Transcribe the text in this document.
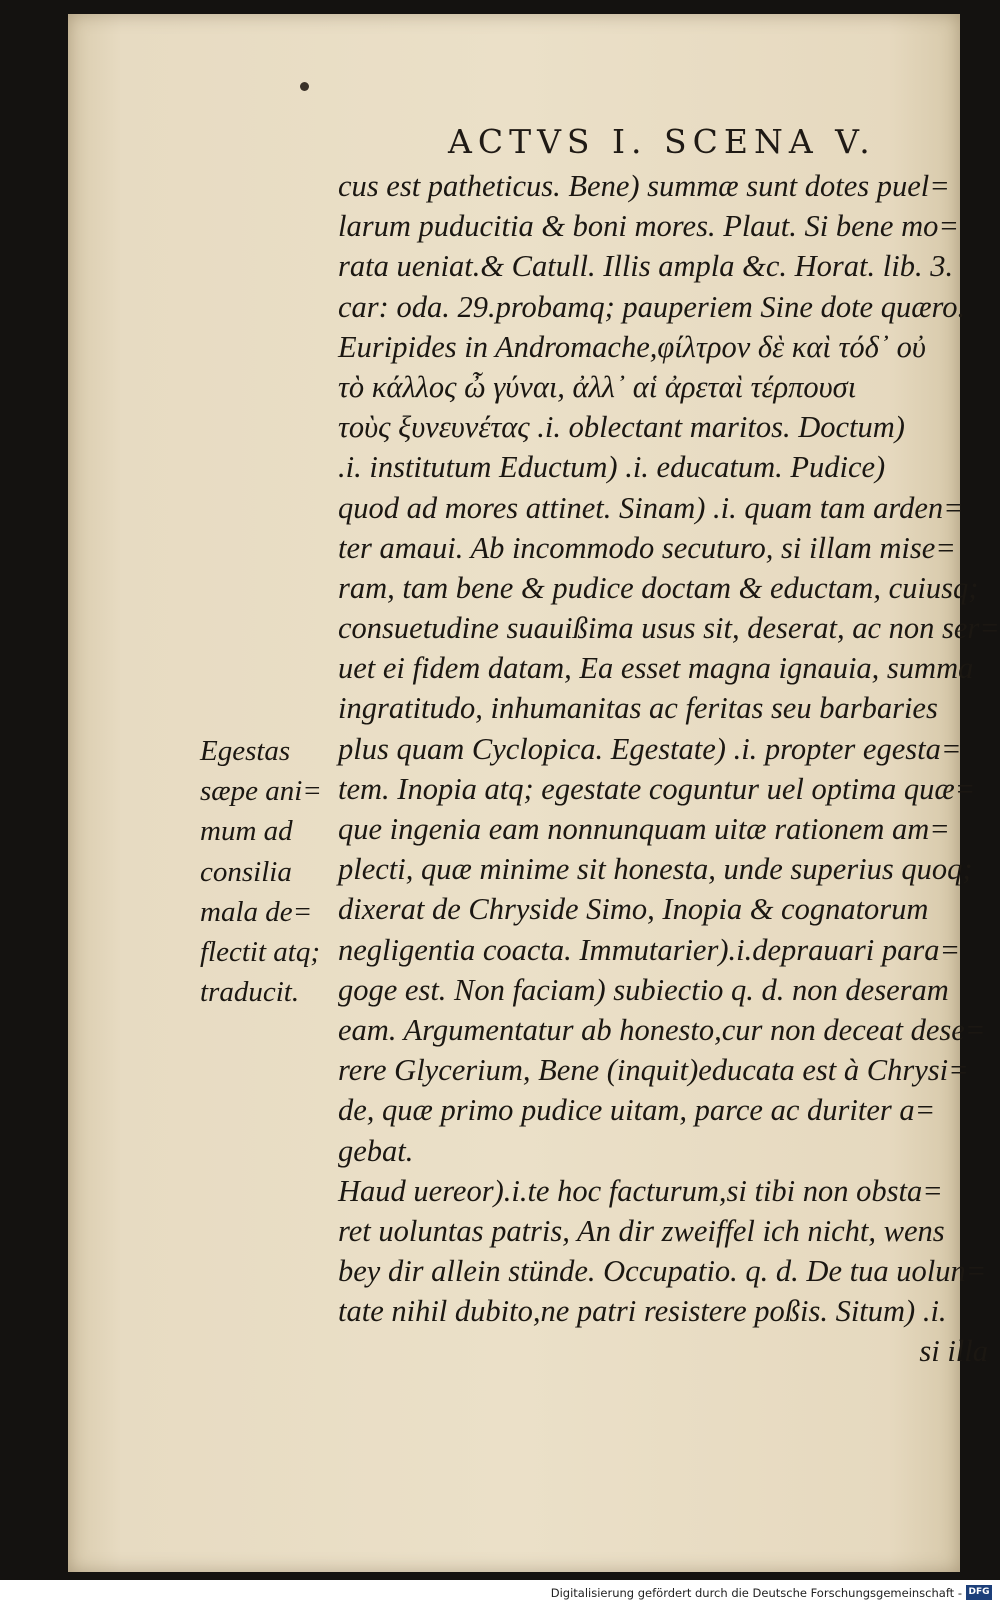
ACTVS I. SCENA V.
Egestas
sæpe ani=
mum ad
consilia
mala de=
flectit atq;
traducit.
cus est patheticus. Bene) summæ sunt dotes puel=
larum puducitia & boni mores. Plaut. Si bene mo=
rata ueniat.& Catull. Illis ampla &c. Horat. lib. 3.
car: oda. 29.probamq; pauperiem Sine dote quæro.
Euripides in Andromache,φίλτρον δὲ καὶ τόδ᾽ οὐ
τὸ κάλλος ὦ γύναι, ἀλλ᾽ αἱ ἀρεταὶ τέρπουσι
τοὺς ξυνευνέτας .i. oblectant maritos. Doctum)
.i. institutum Eductum) .i. educatum. Pudice)
quod ad mores attinet. Sinam) .i. quam tam arden=
ter amaui. Ab incommodo secuturo, si illam mise=
ram, tam bene & pudice doctam & eductam, cuiusq;
consuetudine suauißima usus sit, deserat, ac non ser=
uet ei fidem datam, Ea esset magna ignauia, summa
ingratitudo, inhumanitas ac feritas seu barbaries
plus quam Cyclopica. Egestate) .i. propter egesta=
tem. Inopia atq; egestate coguntur uel optima quæ=
que ingenia eam nonnunquam uitæ rationem am=
plecti, quæ minime sit honesta, unde superius quoq;
dixerat de Chryside Simo, Inopia & cognatorum
negligentia coacta. Immutarier).i.deprauari para=
goge est. Non faciam) subiectio q. d. non deseram
eam. Argumentatur ab honesto,cur non deceat dese=
rere Glycerium, Bene (inquit)educata est à Chrysi=
de, quæ primo pudice uitam, parce ac duriter a=
gebat.
Haud uereor).i.te hoc facturum,si tibi non obsta=
ret uoluntas patris, An dir zweiffel ich nicht, wens
bey dir allein stünde. Occupatio. q. d. De tua uolun=
tate nihil dubito,ne patri resistere poßis. Situm) .i.
si illa
Digitalisierung gefördert durch die Deutsche Forschungsgemeinschaft - DFG
